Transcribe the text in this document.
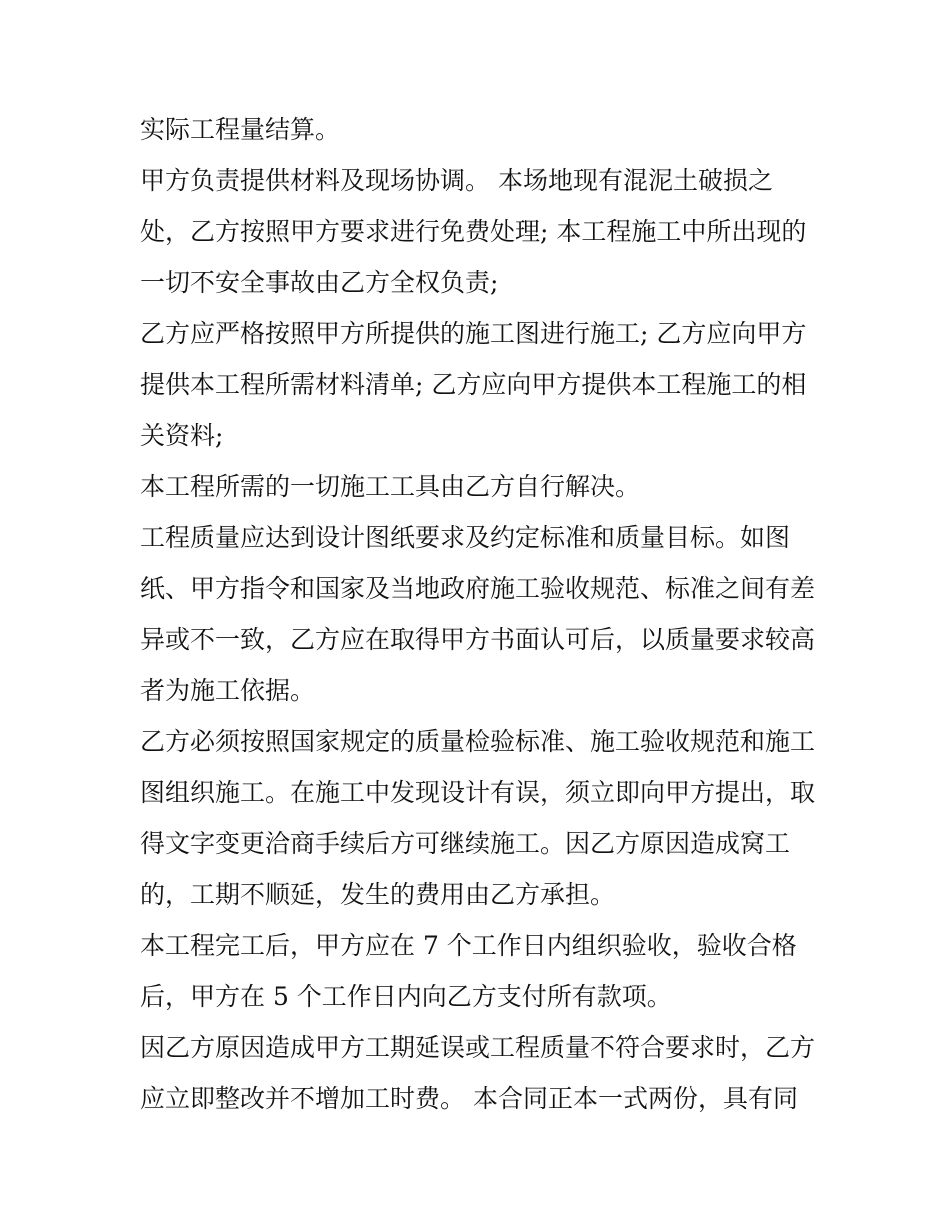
实际工程量结算。
甲方负责提供材料及现场协调。 本场地现有混泥土破损之
处，乙方按照甲方要求进行免费处理; 本工程施工中所出现的
一切不安全事故由乙方全权负责;
乙方应严格按照甲方所提供的施工图进行施工; 乙方应向甲方
提供本工程所需材料清单; 乙方应向甲方提供本工程施工的相
关资料;
本工程所需的一切施工工具由乙方自行解决。
工程质量应达到设计图纸要求及约定标准和质量目标。如图
纸、甲方指令和国家及当地政府施工验收规范、标准之间有差
异或不一致，乙方应在取得甲方书面认可后，以质量要求较高
者为施工依据。
乙方必须按照国家规定的质量检验标准、施工验收规范和施工
图组织施工。在施工中发现设计有误，须立即向甲方提出，取
得文字变更洽商手续后方可继续施工。因乙方原因造成窝工
的，工期不顺延，发生的费用由乙方承担。
本工程完工后，甲方应在 7 个工作日内组织验收，验收合格
后，甲方在 5 个工作日内向乙方支付所有款项。
因乙方原因造成甲方工期延误或工程质量不符合要求时，乙方
应立即整改并不增加工时费。 本合同正本一式两份，具有同
